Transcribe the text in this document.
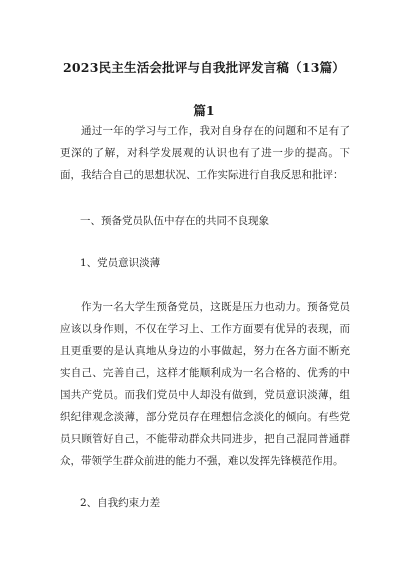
2023民主生活会批评与自我批评发言稿（13篇）
篇1

通过一年的学习与工作，我对自身存在的问题和不足有了更深的了解，对科学发展观的认识也有了进一步的提高。下面，我结合自己的思想状况、工作实际进行自我反思和批评：

一、预备党员队伍中存在的共同不良现象

1、党员意识淡薄

作为一名大学生预备党员，这既是压力也动力。预备党员应该以身作则，不仅在学习上、工作方面要有优异的表现，而且更重要的是认真地从身边的小事做起，努力在各方面不断充实自己、完善自己，这样才能顺利成为一名合格的、优秀的中国共产党员。而我们党员中人却没有做到，党员意识淡薄，组织纪律观念淡薄，部分党员存在理想信念淡化的倾向。有些党员只顾管好自己，不能带动群众共同进步，把自己混同普通群众，带领学生群众前进的能力不强，难以发挥先锋模范作用。

2、自我约束力差
